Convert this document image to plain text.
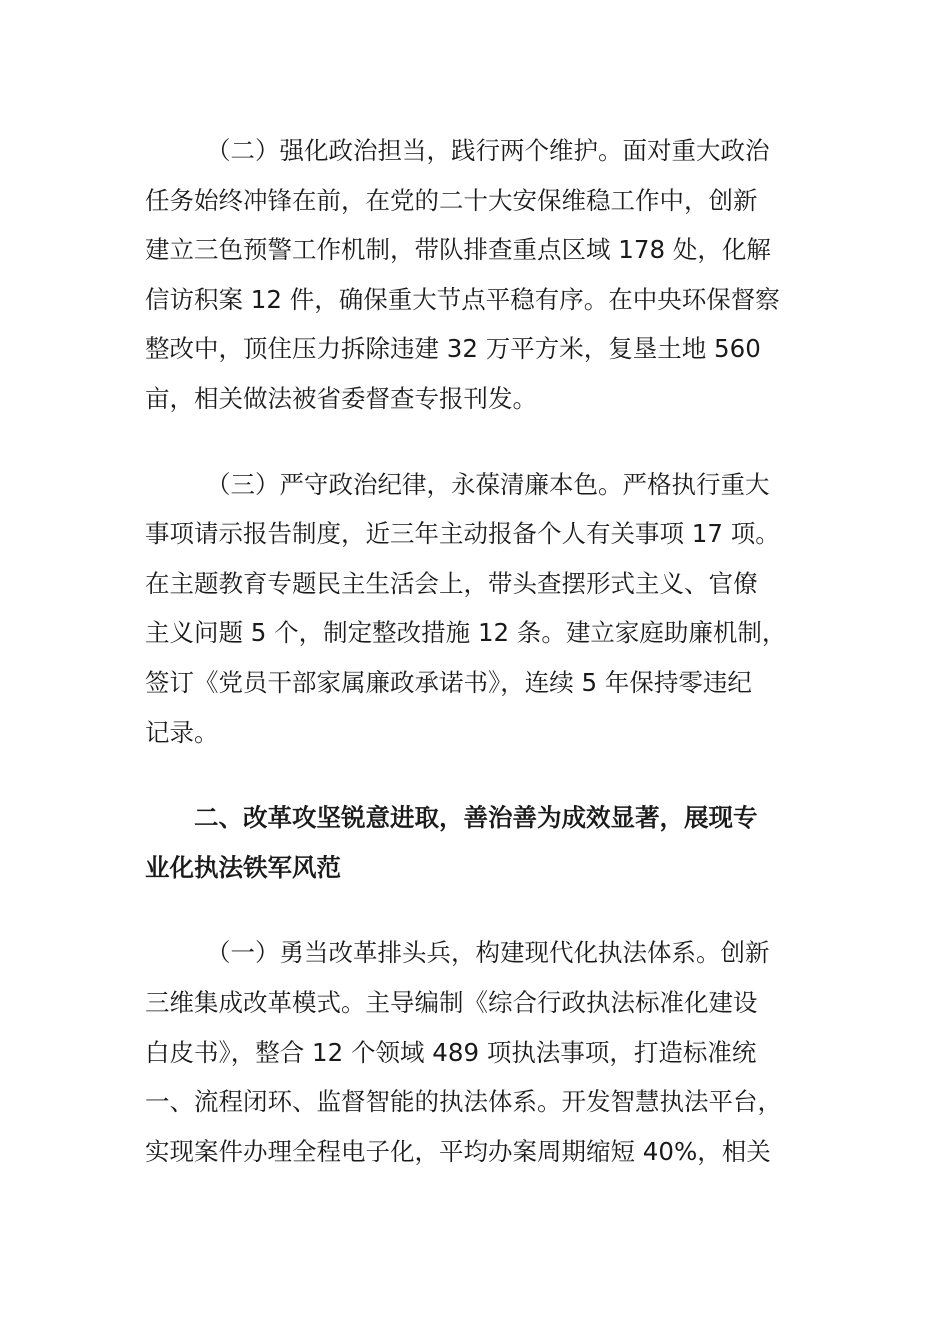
（二）强化政治担当，践行两个维护。面对重大政治
任务始终冲锋在前，在党的二十大安保维稳工作中，创新
建立三色预警工作机制，带队排查重点区域 178 处，化解
信访积案 12 件，确保重大节点平稳有序。在中央环保督察
整改中，顶住压力拆除违建 32 万平方米，复垦土地 560
亩，相关做法被省委督查专报刊发。

（三）严守政治纪律，永葆清廉本色。严格执行重大
事项请示报告制度，近三年主动报备个人有关事项 17 项。
在主题教育专题民主生活会上，带头查摆形式主义、官僚
主义问题 5 个，制定整改措施 12 条。建立家庭助廉机制，
签订《党员干部家属廉政承诺书》，连续 5 年保持零违纪
记录。

二、改革攻坚锐意进取，善治善为成效显著，展现专
业化执法铁军风范

（一）勇当改革排头兵，构建现代化执法体系。创新
三维集成改革模式。主导编制《综合行政执法标准化建设
白皮书》，整合 12 个领域 489 项执法事项，打造标准统
一、流程闭环、监督智能的执法体系。开发智慧执法平台，
实现案件办理全程电子化，平均办案周期缩短 40%，相关
